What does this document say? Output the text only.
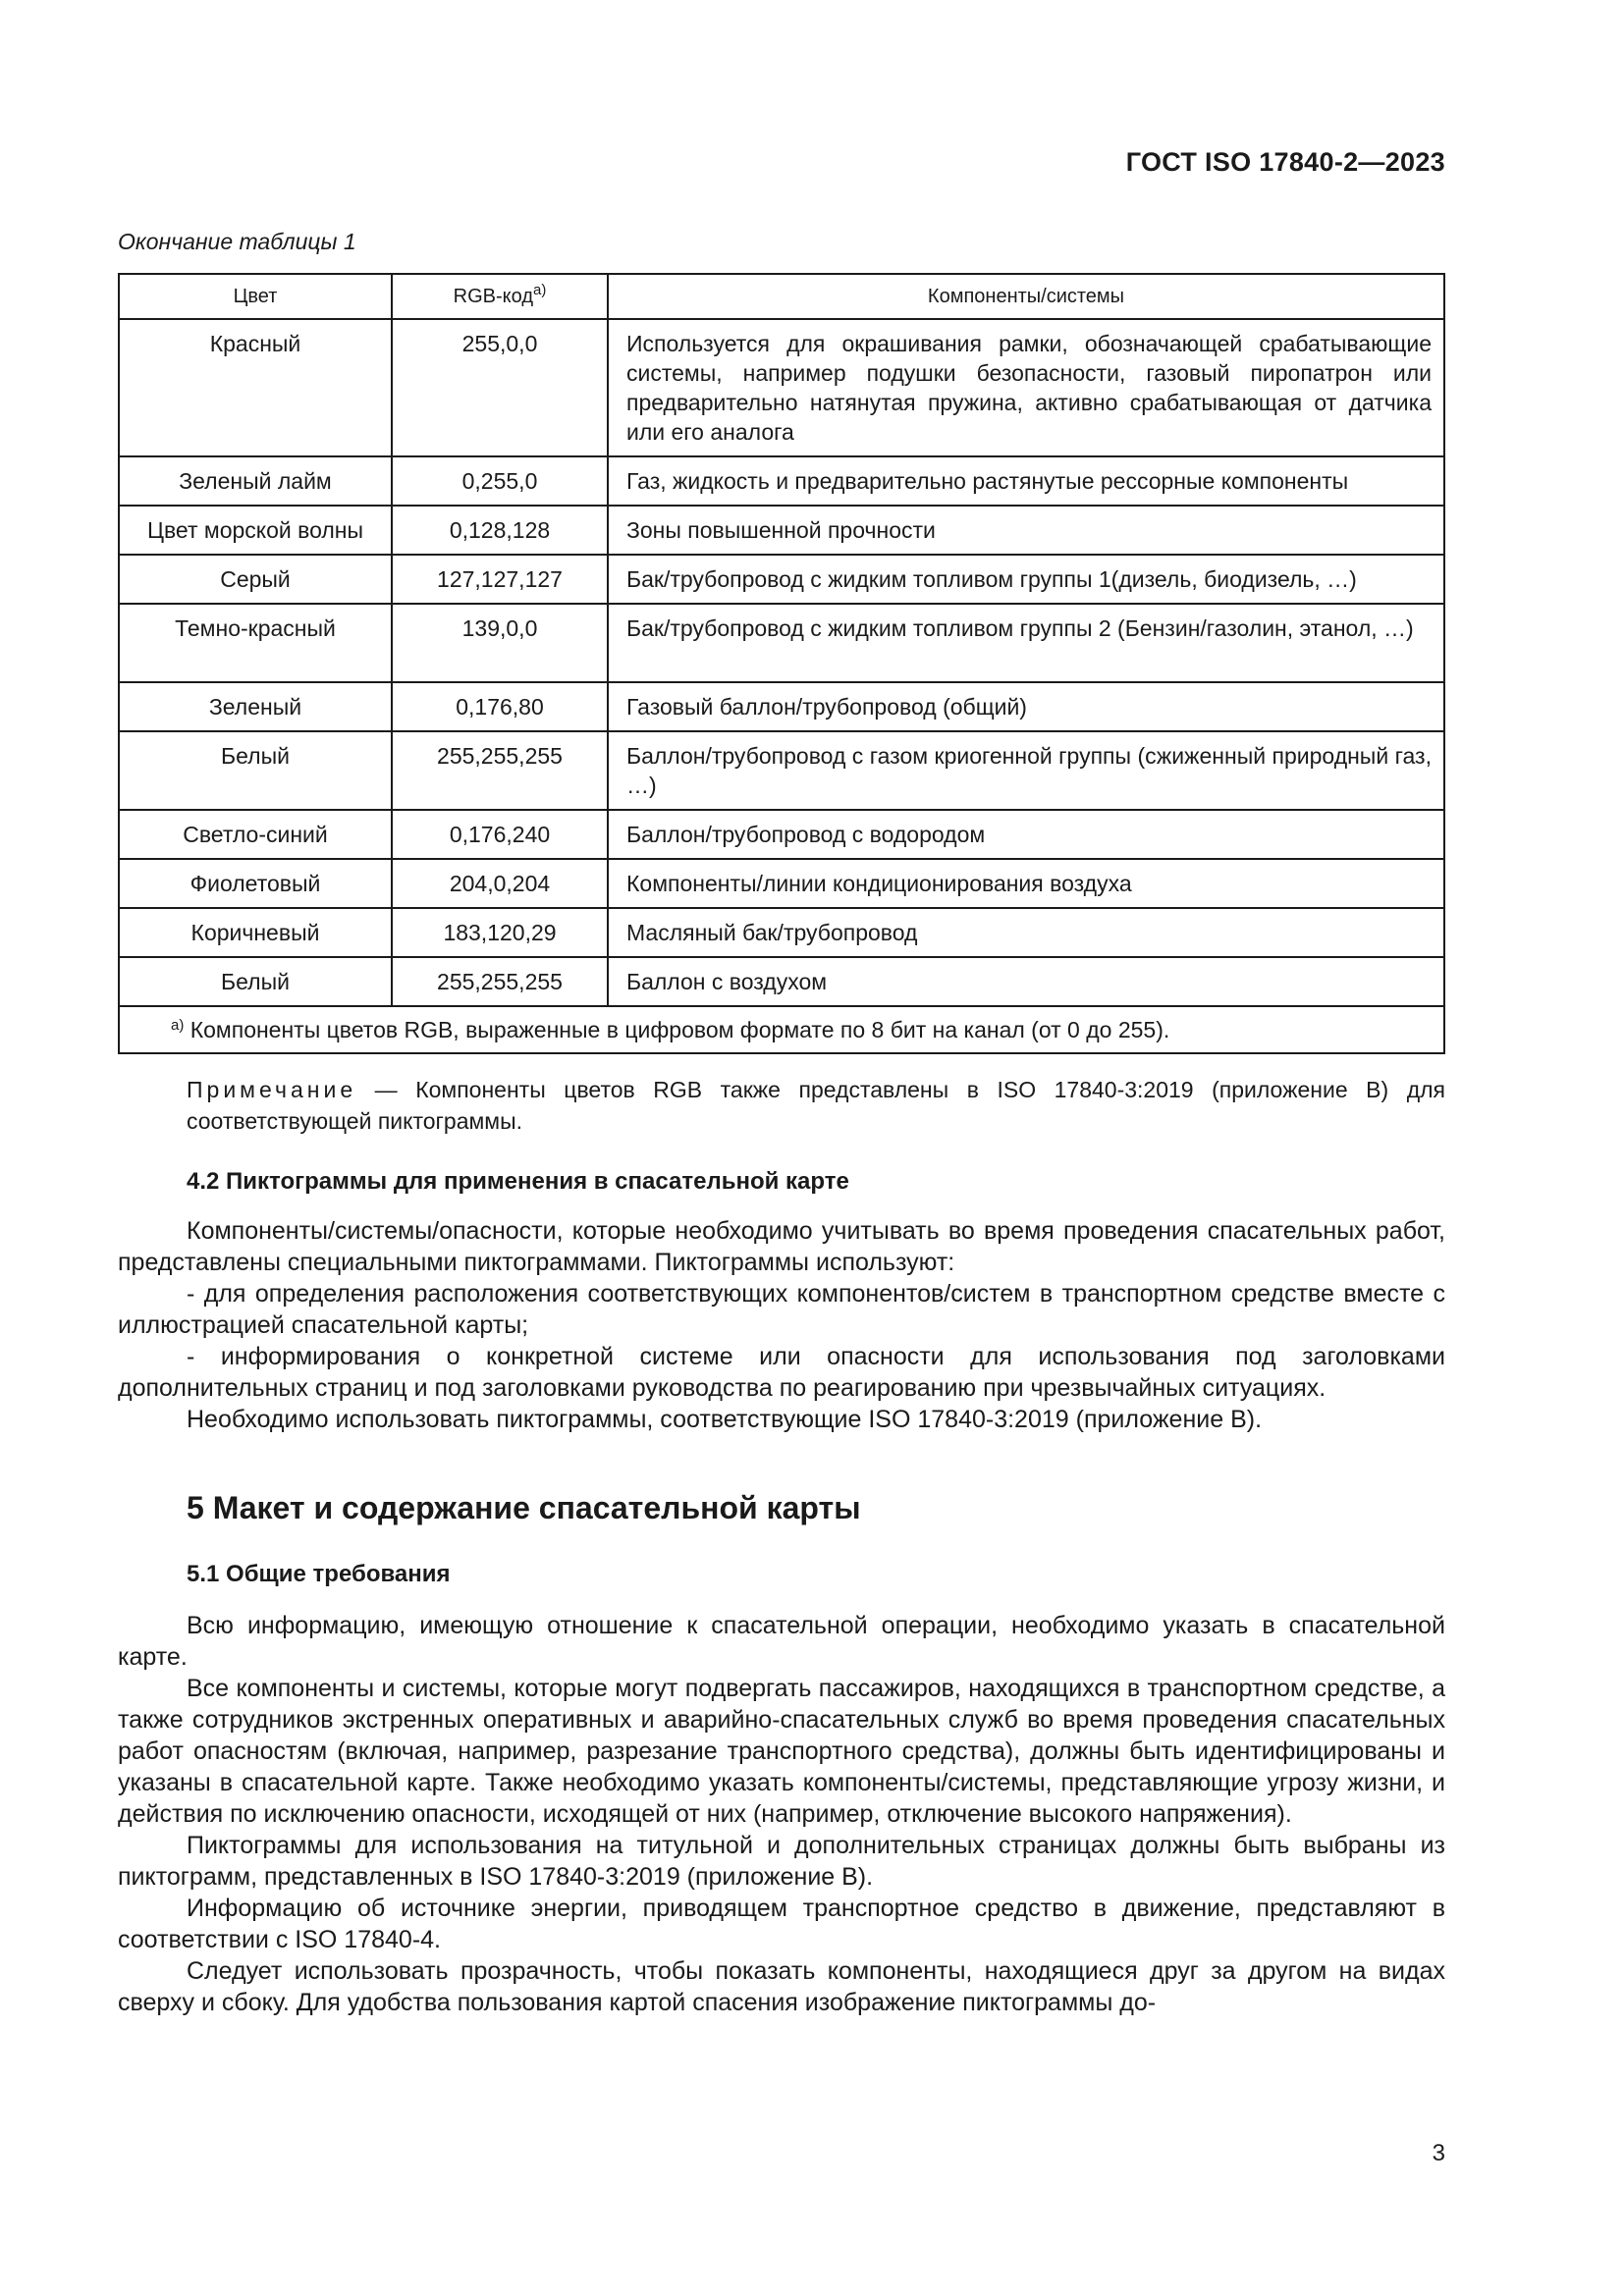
ГОСТ ISO 17840-2—2023
Окончание таблицы 1
Цвет	RGB-код$^{а)}$	Компоненты/системы
Красный	255,0,0	Используется для окрашивания рамки, обозначающей срабатывающие системы, например подушки безопасности, газовый пиропатрон или предварительно натянутая пружина, активно срабатывающая от датчика или его аналога
Зеленый лайм	0,255,0	Газ, жидкость и предварительно растянутые рессорные компоненты
Цвет морской волны	0,128,128	Зоны повышенной прочности
Серый	127,127,127	Бак/трубопровод с жидким топливом группы 1(дизель, биодизель, …)
Темно-красный	139,0,0	Бак/трубопровод с жидким топливом группы 2 (Бензин/газолин, этанол, …)
Зеленый	0,176,80	Газовый баллон/трубопровод (общий)
Белый	255,255,255	Баллон/трубопровод с газом криогенной группы (сжиженный природный газ, …)
Светло-синий	0,176,240	Баллон/трубопровод с водородом
Фиолетовый	204,0,204	Компоненты/линии кондиционирования воздуха
Коричневый	183,120,29	Масляный бак/трубопровод
Белый	255,255,255	Баллон с воздухом
$^{а)}$ Компоненты цветов RGB, выраженные в цифровом формате по 8 бит на канал (от 0 до 255).		
Примечание — Компоненты цветов RGB также представлены в ISO 17840-3:2019 (приложение В) для соответствующей пиктограммы.
4.2 Пиктограммы для применения в спасательной карте

Компоненты/системы/опасности, которые необходимо учитывать во время проведения спасательных работ, представлены специальными пиктограммами. Пиктограммы используют:

- для определения расположения соответствующих компонентов/систем в транспортном средстве вместе с иллюстрацией спасательной карты;

- информирования о конкретной системе или опасности для использования под заголовками дополнительных страниц и под заголовками руководства по реагированию при чрезвычайных ситуациях.

Необходимо использовать пиктограммы, соответствующие ISO 17840-3:2019 (приложение В).

5 Макет и содержание спасательной карты
5.1 Общие требования

Всю информацию, имеющую отношение к спасательной операции, необходимо указать в спасательной карте.

Все компоненты и системы, которые могут подвергать пассажиров, находящихся в транспортном средстве, а также сотрудников экстренных оперативных и аварийно-спасательных служб во время проведения спасательных работ опасностям (включая, например, разрезание транспортного средства), должны быть идентифицированы и указаны в спасательной карте. Также необходимо указать компоненты/системы, представляющие угрозу жизни, и действия по исключению опасности, исходящей от них (например, отключение высокого напряжения).

Пиктограммы для использования на титульной и дополнительных страницах должны быть выбраны из пиктограмм, представленных в ISO 17840-3:2019 (приложение В).

Информацию об источнике энергии, приводящем транспортное средство в движение, представляют в соответствии с ISO 17840-4.

Следует использовать прозрачность, чтобы показать компоненты, находящиеся друг за другом на видах сверху и сбоку. Для удобства пользования картой спасения изображение пиктограммы до-

3
